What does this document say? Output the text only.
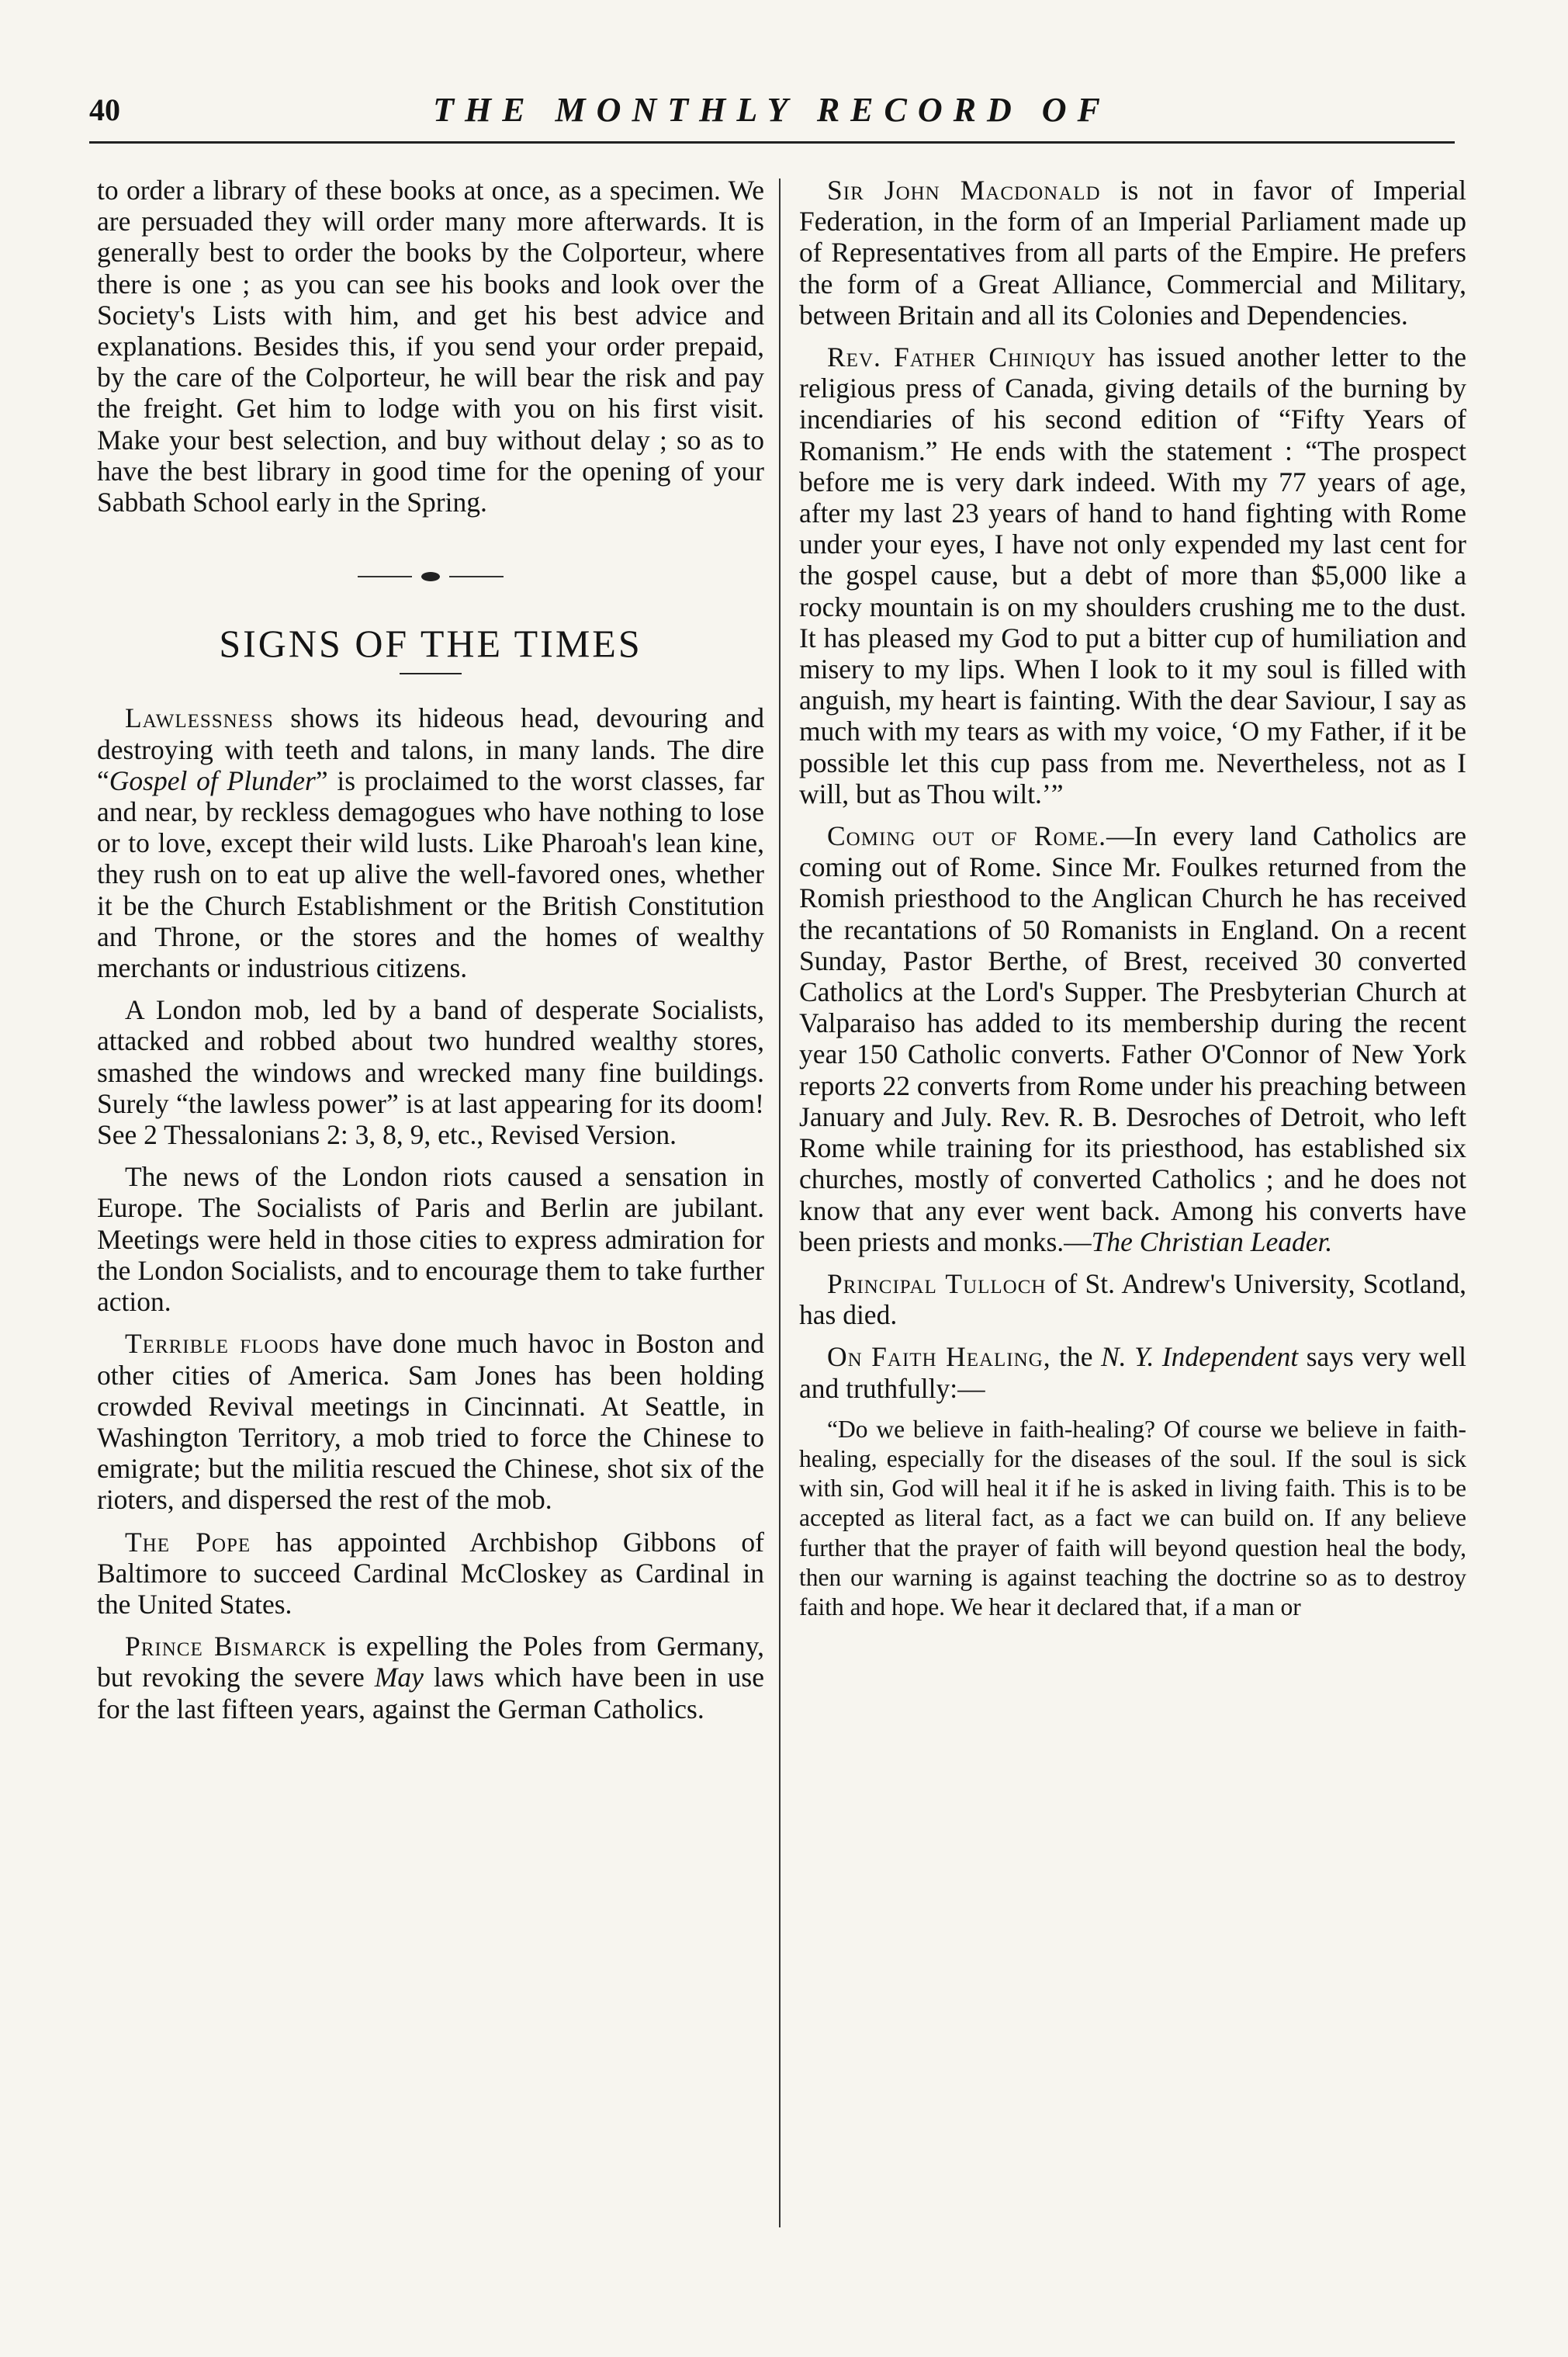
40	THE MONTHLY RECORD OF

to order a library of these books at once, as a specimen. We are persuaded they will order many more afterwards. It is generally best to order the books by the Colporteur, where there is one ; as you can see his books and look over the Society's Lists with him, and get his best advice and explanations. Besides this, if you send your order prepaid, by the care of the Colporteur, he will bear the risk and pay the freight. Get him to lodge with you on his first visit. Make your best selection, and buy without delay ; so as to have the best library in good time for the opening of your Sabbath School early in the Spring.

SIGNS OF THE TIMES

Lawlessness shows its hideous head, devouring and destroying with teeth and talons, in many lands. The dire “Gospel of Plunder” is proclaimed to the worst classes, far and near, by reckless demagogues who have nothing to lose or to love, except their wild lusts. Like Pharoah's lean kine, they rush on to eat up alive the well-favored ones, whether it be the Church Establishment or the British Constitution and Throne, or the stores and the homes of wealthy merchants or industrious citizens.

A London mob, led by a band of desperate Socialists, attacked and robbed about two hundred wealthy stores, smashed the windows and wrecked many fine buildings. Surely “the lawless power” is at last appearing for its doom! See 2 Thessalonians 2: 3, 8, 9, etc., Revised Version.

The news of the London riots caused a sensation in Europe. The Socialists of Paris and Berlin are jubilant. Meetings were held in those cities to express admiration for the London Socialists, and to encourage them to take further action.

Terrible floods have done much havoc in Boston and other cities of America. Sam Jones has been holding crowded Revival meetings in Cincinnati. At Seattle, in Washington Territory, a mob tried to force the Chinese to emigrate; but the militia rescued the Chinese, shot six of the rioters, and dispersed the rest of the mob.

The Pope has appointed Archbishop Gibbons of Baltimore to succeed Cardinal McCloskey as Cardinal in the United States.

Prince Bismarck is expelling the Poles from Germany, but revoking the severe May laws which have been in use for the last fifteen years, against the German Catholics.

Sir John Macdonald is not in favor of Imperial Federation, in the form of an Imperial Parliament made up of Representatives from all parts of the Empire. He prefers the form of a Great Alliance, Commercial and Military, between Britain and all its Colonies and Dependencies.

Rev. Father Chiniquy has issued another letter to the religious press of Canada, giving details of the burning by incendiaries of his second edition of “Fifty Years of Romanism.” He ends with the statement : “The prospect before me is very dark indeed. With my 77 years of age, after my last 23 years of hand to hand fighting with Rome under your eyes, I have not only expended my last cent for the gospel cause, but a debt of more than $5,000 like a rocky mountain is on my shoulders crushing me to the dust. It has pleased my God to put a bitter cup of humiliation and misery to my lips. When I look to it my soul is filled with anguish, my heart is fainting. With the dear Saviour, I say as much with my tears as with my voice, ‘O my Father, if it be possible let this cup pass from me. Nevertheless, not as I will, but as Thou wilt.’”

Coming out of Rome.—In every land Catholics are coming out of Rome. Since Mr. Foulkes returned from the Romish priesthood to the Anglican Church he has received the recantations of 50 Romanists in England. On a recent Sunday, Pastor Berthe, of Brest, received 30 converted Catholics at the Lord's Supper. The Presbyterian Church at Valparaiso has added to its membership during the recent year 150 Catholic converts. Father O'Connor of New York reports 22 converts from Rome under his preaching between January and July. Rev. R. B. Desroches of Detroit, who left Rome while training for its priesthood, has established six churches, mostly of converted Catholics ; and he does not know that any ever went back. Among his converts have been priests and monks.—The Christian Leader.

Principal Tulloch of St. Andrew's University, Scotland, has died.

On Faith Healing, the N. Y. Independent says very well and truthfully:—

“Do we believe in faith-healing? Of course we believe in faith-healing, especially for the diseases of the soul. If the soul is sick with sin, God will heal it if he is asked in living faith. This is to be accepted as literal fact, as a fact we can build on. If any believe further that the prayer of faith will beyond question heal the body, then our warning is against teaching the doctrine so as to destroy faith and hope. We hear it declared that, if a man or
